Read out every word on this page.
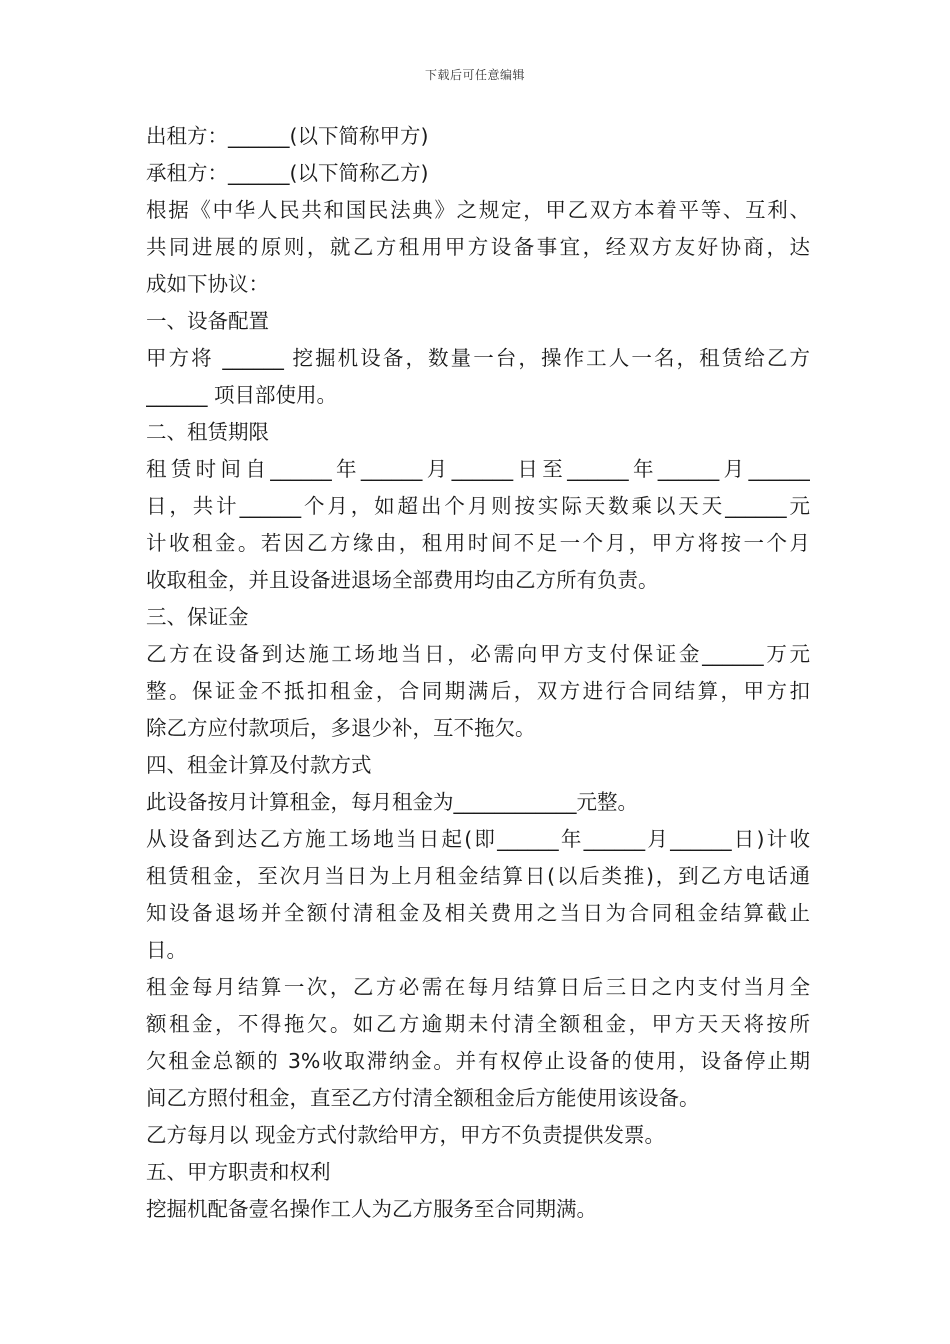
下载后可任意编辑
出租方：______(以下简称甲方)
承租方：______(以下简称乙方)
根据《中华人民共和国民法典》之规定，甲乙双方本着平等、互利、
共同进展的原则，就乙方租用甲方设备事宜，经双方友好协商，达
成如下协议：
一、设备配置
甲方将 ______ 挖掘机设备，数量一台，操作工人一名，租赁给乙方
______ 项目部使用。
二、租赁期限
租赁时间自______年______月______日至______年______月______
日，共计______个月，如超出个月则按实际天数乘以天天______元
计收租金。若因乙方缘由，租用时间不足一个月，甲方将按一个月
收取租金，并且设备进退场全部费用均由乙方所有负责。
三、保证金
乙方在设备到达施工场地当日，必需向甲方支付保证金______万元
整。保证金不抵扣租金，合同期满后，双方进行合同结算，甲方扣
除乙方应付款项后，多退少补，互不拖欠。
四、租金计算及付款方式
此设备按月计算租金，每月租金为____________元整。
从设备到达乙方施工场地当日起(即______年______月______日)计收
租赁租金，至次月当日为上月租金结算日(以后类推)，到乙方电话通
知设备退场并全额付清租金及相关费用之当日为合同租金结算截止
日。
租金每月结算一次，乙方必需在每月结算日后三日之内支付当月全
额租金，不得拖欠。如乙方逾期未付清全额租金，甲方天天将按所
欠租金总额的 3%收取滞纳金。并有权停止设备的使用，设备停止期
间乙方照付租金，直至乙方付清全额租金后方能使用该设备。
乙方每月以 现金方式付款给甲方，甲方不负责提供发票。
五、甲方职责和权利
挖掘机配备壹名操作工人为乙方服务至合同期满。
